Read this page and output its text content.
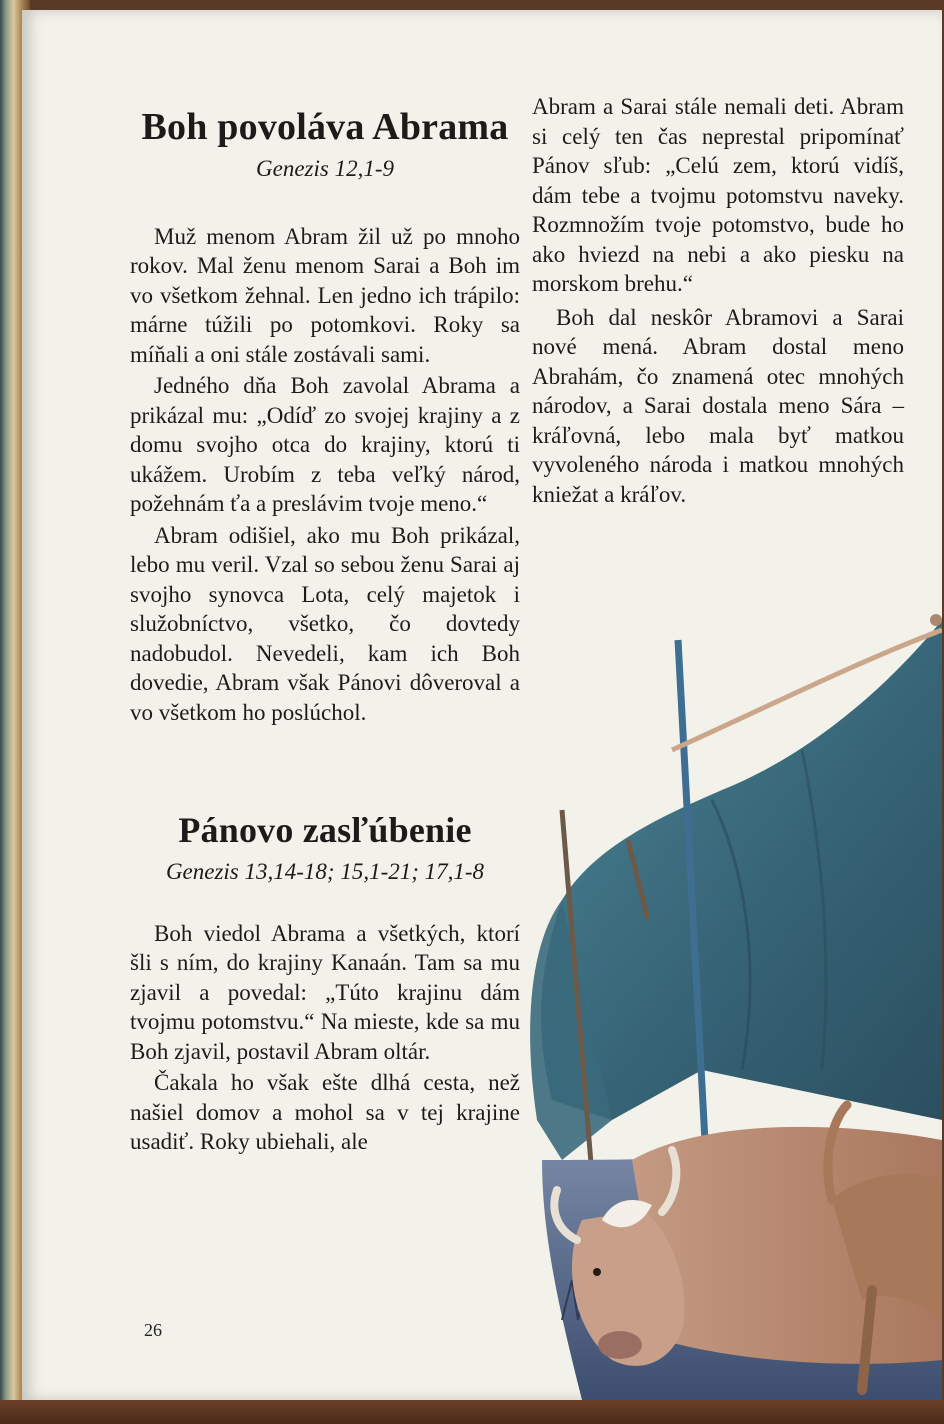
Boh povoláva Abrama
Genezis 12,1-9

Muž menom Abram žil už po mnoho rokov. Mal ženu menom Sarai a Boh im vo všetkom žehnal. Len jedno ich trápilo: márne túžili po potomkovi. Roky sa míňali a oni stále zostávali sami.

Jedného dňa Boh zavolal Abrama a prikázal mu: „Odíď zo svojej krajiny a z domu svojho otca do krajiny, ktorú ti ukážem. Urobím z teba veľký národ, požehnám ťa a preslávim tvoje meno.“

Abram odišiel, ako mu Boh prikázal, lebo mu veril. Vzal so sebou ženu Sarai aj svojho synovca Lota, celý majetok i služobníctvo, všetko, čo dovtedy nadobudol. Nevedeli, kam ich Boh dovedie, Abram však Pánovi dôveroval a vo všetkom ho poslúchol.

Pánovo zasľúbenie
Genezis 13,14-18; 15,1-21; 17,1-8

Boh viedol Abrama a všetkých, ktorí šli s ním, do krajiny Kanaán. Tam sa mu zjavil a povedal: „Túto krajinu dám tvojmu potomstvu.“ Na mieste, kde sa mu Boh zjavil, postavil Abram oltár.

Čakala ho však ešte dlhá cesta, než našiel domov a mohol sa v tej krajine usadiť. Roky ubiehali, ale

Abram a Sarai stále nemali deti. Abram si celý ten čas neprestal pripomínať Pánov sľub: „Celú zem, ktorú vidíš, dám tebe a tvojmu potomstvu naveky. Rozmnožím tvoje potomstvo, bude ho ako hviezd na nebi a ako piesku na morskom brehu.“

Boh dal neskôr Abramovi a Sarai nové mená. Abram dostal meno Abrahám, čo znamená otec mnohých národov, a Sarai dostala meno Sára – kráľovná, lebo mala byť matkou vyvoleného národa i matkou mnohých kniežat a kráľov.

26
